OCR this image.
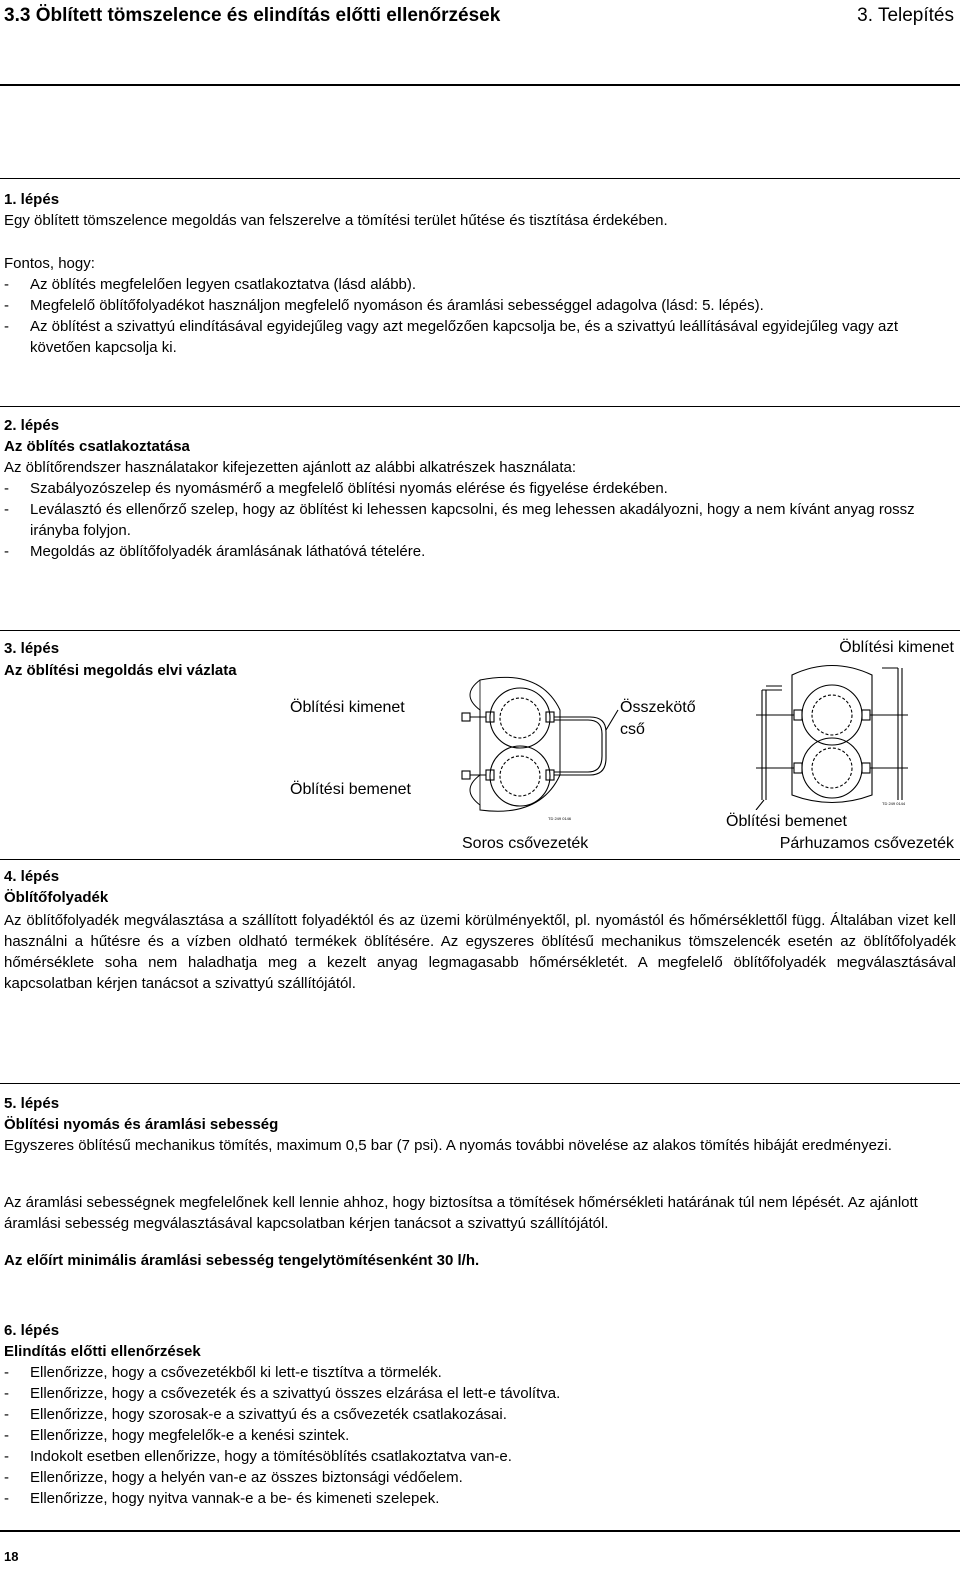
3.3 Öblített tömszelence és elindítás előtti ellenőrzések	3. Telepítés
1. lépés
Egy öblített tömszelence megoldás van felszerelve a tömítési terület hűtése és tisztítása érdekében.
Fontos, hogy:
-	Az öblítés megfelelően legyen csatlakoztatva (lásd alább).
-	Megfelelő öblítőfolyadékot használjon megfelelő nyomáson és áramlási sebességgel adagolva (lásd: 5. lépés).
-	Az öblítést a szivattyú elindításával egyidejűleg vagy azt megelőzően kapcsolja be, és a szivattyú leállításával egyidejűleg vagy azt követően kapcsolja ki.
2. lépés
Az öblítés csatlakoztatása
Az öblítőrendszer használatakor kifejezetten ajánlott az alábbi alkatrészek használata:
-	Szabályozószelep és nyomásmérő a megfelelő öblítési nyomás elérése és figyelése érdekében.
-	Leválasztó és ellenőrző szelep, hogy az öblítést ki lehessen kapcsolni, és meg lehessen akadályozni, hogy a nem kívánt anyag rossz irányba folyjon.
-	Megoldás az öblítőfolyadék áramlásának láthatóvá tételére.
3. lépés
Az öblítési megoldás elvi vázlata
Öblítési kimenet
Öblítési bemenet
Összekötő
cső
Soros csővezeték
Öblítési kimenet
Öblítési bemenet
Párhuzamos csővezeték
TD 249 0146
TD 249 0144
4. lépés
Öblítőfolyadék
Az öblítőfolyadék megválasztása a szállított folyadéktól és az üzemi körülményektől, pl. nyomástól és hőmérséklettől függ. Általában vizet kell használni a hűtésre és a vízben oldható termékek öblítésére. Az egyszeres öblítésű mechanikus tömszelencék esetén az öblítőfolyadék hőmérséklete soha nem haladhatja meg a kezelt anyag legmagasabb hőmérsékletét. A megfelelő öblítőfolyadék megválasztásával kapcsolatban kérjen tanácsot a szivattyú szállítójától.
5. lépés
Öblítési nyomás és áramlási sebesség
Egyszeres öblítésű mechanikus tömítés, maximum 0,5 bar (7 psi). A nyomás további növelése az alakos tömítés hibáját eredményezi.
Az áramlási sebességnek megfelelőnek kell lennie ahhoz, hogy biztosítsa a tömítések hőmérsékleti határának túl nem lépését. Az ajánlott áramlási sebesség megválasztásával kapcsolatban kérjen tanácsot a szivattyú szállítójától.
Az előírt minimális áramlási sebesség tengelytömítésenként 30 l/h.
6. lépés
Elindítás előtti ellenőrzések
- Ellenőrizze, hogy a csővezetékből ki lett-e tisztítva a törmelék.
- Ellenőrizze, hogy a csővezeték és a szivattyú összes elzárása el lett-e távolítva.
- Ellenőrizze, hogy szorosak-e a szivattyú és a csővezeték csatlakozásai.
- Ellenőrizze, hogy megfelelők-e a kenési szintek.
- Indokolt esetben ellenőrizze, hogy a tömítésöblítés csatlakoztatva van-e.
- Ellenőrizze, hogy a helyén van-e az összes biztonsági védőelem.
- Ellenőrizze, hogy nyitva vannak-e a be- és kimeneti szelepek.
18
